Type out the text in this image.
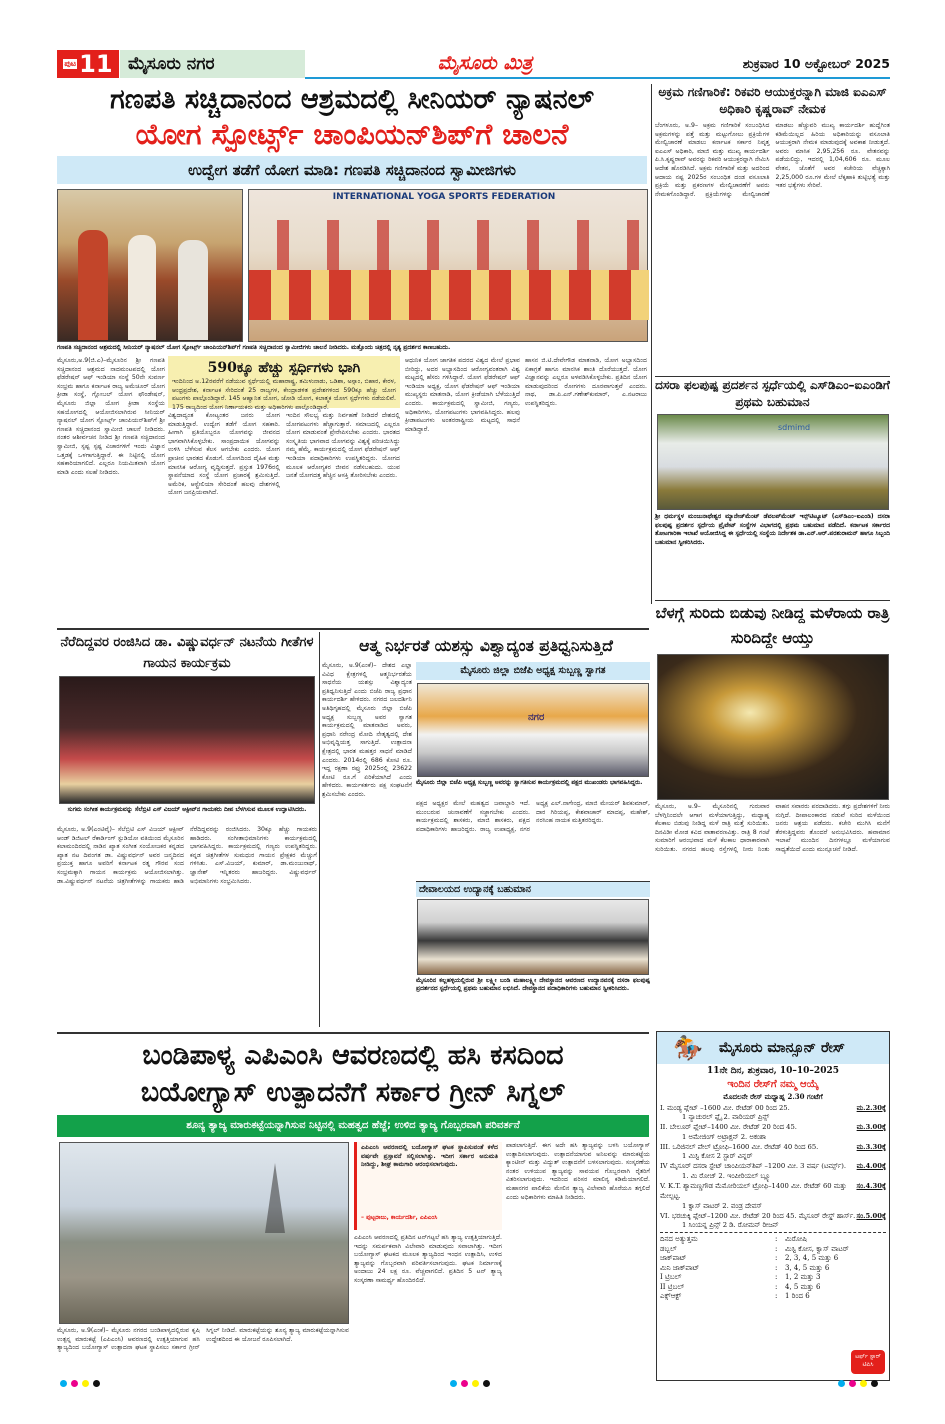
ಪುಟ 11 ಮೈಸೂರು ನಗರ	ಮೈಸೂರು ಮಿತ್ರ	ಶುಕ್ರವಾರ 10 ಅಕ್ಟೋಬರ್ 2025
ಗಣಪತಿ ಸಚ್ಚಿದಾನಂದ ಆಶ್ರಮದಲ್ಲಿ ಸೀನಿಯರ್ ನ್ಯಾಷನಲ್
ಯೋಗ ಸ್ಪೋರ್ಟ್ಸ್ ಚಾಂಪಿಯನ್‌ಶಿಪ್‌ಗೆ ಚಾಲನೆ
ಉದ್ವೇಗ ತಡೆಗೆ ಯೋಗ ಮಾಡಿ: ಗಣಪತಿ ಸಚ್ಚಿದಾನಂದ ಸ್ವಾಮೀಜಿಗಳು
INTERNATIONAL YOGA SPORTS FEDERATION
ಗಣಪತಿ ಸಚ್ಚಿದಾನಂದ ಆಶ್ರಮದಲ್ಲಿ ಸೀನಿಯರ್ ನ್ಯಾಷನಲ್ ಯೋಗ ಸ್ಪೋರ್ಟ್ಸ್ ಚಾಂಪಿಯನ್‌ಶಿಪ್‌ಗೆ ಗಣಪತಿ ಸಚ್ಚಿದಾನಂದ ಸ್ವಾಮೀಜಿಗಳು ಚಾಲನೆ ನೀಡಿದರು. ಮತ್ತೊಂದು ಚಿತ್ರದಲ್ಲಿ ನೃತ್ಯ ಪ್ರದರ್ಶನ ಕಾಣಬಹುದು.
ಮೈಸೂರು,ಅ.9(ಜಿ.ಎ)–ಮೈಸೂರಿನ ಶ್ರೀ ಗಣಪತಿ ಸಚ್ಚಿದಾನಂದ ಆಶ್ರಮದ ನಾದಮಂಟಪದಲ್ಲಿ ಯೋಗ ಫೆಡರೇಷನ್ ಆಫ್ ಇಂಡಿಯಾ ಸಂಸ್ಥೆ 50ನೇ ಸುವರ್ಣ ಸಂಭ್ರಮ ಹಾಗೂ ಕರ್ನಾಟಕ ರಾಜ್ಯ ಅಮೆಚೂರ್ ಯೋಗ ಕ್ರೀಡಾ ಸಂಸ್ಥೆ, ಗ್ಲೋಬಲ್ ಯೋಗ ಫೌಂಡೇಷನ್, ಮೈಸೂರು ಜಿಲ್ಲಾ ಯೋಗ ಕ್ರೀಡಾ ಸಂಸ್ಥೆಯ ಸಹಯೋಗದಲ್ಲಿ ಆಯೋಜಿಸಲಾಗಿರುವ ಸೀನಿಯರ್ ನ್ಯಾಷನಲ್ ಯೋಗ ಸ್ಪೋರ್ಟ್ಸ್ ಚಾಂಪಿಯನ್‌ಶಿಪ್‌ಗೆ ಶ್ರೀ ಗಣಪತಿ ಸಚ್ಚಿದಾನಂದ ಸ್ವಾಮೀಜಿ ಚಾಲನೆ ನೀಡಿದರು. ನಂತರ ಆಶೀರ್ವಚನ ನೀಡಿದ ಶ್ರೀ ಗಣಪತಿ ಸಚ್ಚಿದಾನಂದ ಸ್ವಾಮೀಜಿ, ಸ್ಪಷ್ಟ ಸ್ಪಷ್ಟ ವಿಚಾರಗಳಿಗೆ ಇಂದು ವಿಜ್ಞಾನ ಒತ್ತಡಕ್ಕೆ ಒಳಗಾಗುತ್ತಿದ್ದಾರೆ. ಈ ನಿಟ್ಟಿನಲ್ಲಿ ಯೋಗ ಸಹಕಾರಿಯಾಗಲಿದೆ. ಎಲ್ಲರೂ ನಿಯಮಿತವಾಗಿ ಯೋಗ ಮಾಡಿ ಎಂದು ಸಲಹೆ ನೀಡಿದರು.
590ಕ್ಕೂ ಹೆಚ್ಚು ಸ್ಪರ್ಧಿಗಳು ಭಾಗಿ
ಇಂದಿನಿಂದ ಅ.12ರವರೆಗೆ ನಡೆಯುವ ಸ್ಪರ್ಧೆಯಲ್ಲಿ ಮಹಾರಾಷ್ಟ್ರ, ತಮಿಳುನಾಡು, ಒಡಿಶಾ, ಅಸ್ಸಾಂ, ಬಿಹಾರ, ಕೇರಳ, ಆಂಧ್ರಪ್ರದೇಶ, ಕರ್ನಾಟಕ ಸೇರಿದಂತೆ 25 ರಾಜ್ಯಗಳ, ಕೇಂದ್ರಾಡಳಿತ ಪ್ರದೇಶಗಳಿಂದ 590ಕ್ಕೂ ಹೆಚ್ಚು ಯೋಗ ಪಟುಗಳು ಪಾಲ್ಗೊಂಡಿದ್ದಾರೆ. 145 ಆಹ್ವಾನಿತ ಯೋಗ, ಜೋಡಿ ಯೋಗ, ಕಲಾತ್ಮಕ ಯೋಗ ಸ್ಪರ್ಧೆಗಳು ನಡೆಯಲಿವೆ. 175 ರಾಜ್ಯದಿಂದ ಯೋಗ ನಿರ್ಣಾಯಕರು ಮತ್ತು ಅಧಿಕಾರಿಗಳು ಪಾಲ್ಗೊಂಡಿದ್ದಾರೆ.
ವಿಶ್ವದಾದ್ಯಂತ ಕೋಟ್ಯಂತರ ಜನರು ಯೋಗ ಮಾಡುತ್ತಿದ್ದಾರೆ. ಉದ್ವೇಗ ತಡೆಗೆ ಯೋಗ ಸಹಕಾರಿ. ಹೀಗಾಗಿ ಪ್ರತಿಯೊಬ್ಬರೂ ಯೋಗವನ್ನು ಜೀವನದ ಭಾಗವಾಗಿಸಿಕೊಳ್ಳಬೇಕು. ಸಾಂಪ್ರದಾಯಿಕ ಯೋಗವನ್ನು ಉಳಿಸಿ ಬೆಳೆಸುವ ಕೆಲಸ ಆಗಬೇಕು ಎಂದರು. ಯೋಗ ಪ್ರಾಚೀನ ಭಾರತದ ಕೊಡುಗೆ. ಯೋಗದಿಂದ ದೈಹಿಕ ಮತ್ತು ಮಾನಸಿಕ ಆರೋಗ್ಯ ವೃದ್ಧಿಸುತ್ತದೆ. ಪ್ರಸ್ತುತ 1976ರಲ್ಲಿ ಸ್ಥಾಪನೆಯಾದ ಸಂಸ್ಥೆ ಯೋಗ ಪ್ರಚಾರಕ್ಕೆ ಶ್ರಮಿಸುತ್ತಿದೆ. ಅಮೆರಿಕ, ಆಸ್ಟ್ರೇಲಿಯಾ ಸೇರಿದಂತೆ ಹಲವು ದೇಶಗಳಲ್ಲಿ ಯೋಗ ಜನಪ್ರಿಯವಾಗಿದೆ.
ಇಂದಿನ ಸೌಲಭ್ಯ ಮತ್ತು ನಿರ್ವಹಣೆ ನೀಡಿದರೆ ದೇಶದಲ್ಲಿ ಯೋಗಪಟುಗಳು ಹೆಚ್ಚಾಗುತ್ತಾರೆ. ಸಮಾಜದಲ್ಲಿ ಎಲ್ಲರೂ ಯೋಗ ಮಾಡುವಂತೆ ಪ್ರೇರೇಪಿಸಬೇಕು ಎಂದರು. ಭಾರತದ ಸಂಸ್ಕೃತಿಯ ಭಾಗವಾದ ಯೋಗವನ್ನು ವಿಶ್ವಕ್ಕೆ ಪರಿಚಯಿಸಿದ್ದು ನಮ್ಮ ಹೆಮ್ಮೆ. ಕಾರ್ಯಕ್ರಮದಲ್ಲಿ ಯೋಗ ಫೆಡರೇಷನ್ ಆಫ್ ಇಂಡಿಯಾ ಪದಾಧಿಕಾರಿಗಳು ಉಪಸ್ಥಿತರಿದ್ದರು. ಯೋಗದ ಮೂಲಕ ಆರೋಗ್ಯಕರ ಜೀವನ ನಡೆಸಬಹುದು. ಯುವ ಜನತೆ ಯೋಗದತ್ತ ಹೆಚ್ಚಿನ ಆಸಕ್ತಿ ತೋರಿಸಬೇಕು ಎಂದರು.
ಆಧುನಿಕ ಯೋಗ ಜಾಗತಿಕ ಪದರದ ವಿಶ್ವದ ಮೇಲೆ ಪ್ರಭಾವ ಬೀರಿದ್ದು, ಅದರ ಅಭ್ಯಾಸದಿಂದ ಆರೋಗ್ಯವಂತರಾಗಿ ವಿಶ್ವ ಮಟ್ಟದಲ್ಲಿ ಹೆಸರು ಗಳಿಸಿದ್ದಾರೆ. ಯೋಗ ಫೆಡರೇಷನ್ ಆಫ್ ಇಂಡಿಯಾ ಅಧ್ಯಕ್ಷ, ಯೋಗ ಫೆಡರೇಷನ್ ಆಫ್ ಇಂಡಿಯಾ ಮುಖ್ಯಸ್ಥರು ಮಾತನಾಡಿ, ಯೋಗ ಕ್ರೀಡೆಯಾಗಿ ಬೆಳೆಯುತ್ತಿದೆ ಎಂದರು. ಕಾರ್ಯಕ್ರಮದಲ್ಲಿ ಸ್ವಾಮೀಜಿ, ಗಣ್ಯರು, ಅಧಿಕಾರಿಗಳು, ಯೋಗಪಟುಗಳು ಭಾಗವಹಿಸಿದ್ದರು. ಹಲವು ಕ್ರೀಡಾಪಟುಗಳು ಅಂತರರಾಷ್ಟ್ರೀಯ ಮಟ್ಟದಲ್ಲಿ ಸಾಧನೆ ಮಾಡಿದ್ದಾರೆ.
ಹಾಸನ ಜಿ.ಟಿ.ದೇವೇಗೌಡ ಮಾತನಾಡಿ, ಯೋಗ ಅಭ್ಯಾಸದಿಂದ ಏಕಾಗ್ರತೆ ಹಾಗೂ ಮಾನಸಿಕ ಶಾಂತಿ ದೊರೆಯುತ್ತದೆ. ಯೋಗ ವಿಜ್ಞಾನವನ್ನು ಎಲ್ಲರೂ ಅಳವಡಿಸಿಕೊಳ್ಳಬೇಕು. ಪ್ರತಿದಿನ ಯೋಗ ಮಾಡುವುದರಿಂದ ರೋಗಗಳು ದೂರವಾಗುತ್ತವೆ ಎಂದರು. ನಾಥ, ಡಾ.ಪಿ.ಎನ್.ಗಣೇಶ್‌ಕುಮಾರ್, ಎ.ನಟರಾಜು ಉಪಸ್ಥಿತರಿದ್ದರು.
ಅಕ್ರಮ ಗಣಿಗಾರಿಕೆ: ರಿಕವರಿ ಆಯುಕ್ತರನ್ನಾಗಿ ಮಾಜಿ ಐಎಎಸ್ ಅಧಿಕಾರಿ ಕೃಷ್ಣರಾವ್ ನೇಮಕ
ಬೆಂಗಳೂರು, ಅ.9– ಅಕ್ರಮ ಗಣಿಗಾರಿಕೆ ಸಂಬಂಧಿಸಿದ ಅಕ್ರಮಗಳನ್ನು ಪತ್ತೆ ಮತ್ತು ಮಟ್ಟುಗೋಲು ಪ್ರಕ್ರಿಯೆಗಳ ಮೇಲ್ವಿಚಾರಣೆ ಮಾಡಲು ಕರ್ನಾಟಕ ಸರ್ಕಾರ ನಿವೃತ್ತ ಐಎಎಸ್ ಅಧಿಕಾರಿ, ಮಾಜಿ ಮತ್ತು ಮುಖ್ಯ ಕಾರ್ಯದರ್ಶಿ ಪಿ.ಸಿ.ಕೃಷ್ಣರಾವ್ ಅವರನ್ನು ರಿಕವರಿ ಆಯುಕ್ತರನ್ನಾಗಿ ನೇಮಿಸಿ ಆದೇಶ ಹೊರಡಿಸಿದೆ. ಅಕ್ರಮ ಗಣಿಗಾರಿಕೆ ಮತ್ತು ಅದರಿಂದ ಆದಾಯ ನಷ್ಟ 2025ರ ಸಂಬಂಧಿತ ದಂಡ ವಸೂಲಾತಿ ಪ್ರಕ್ರಿಯೆ ಮತ್ತು ಪ್ರಕರಣಗಳ ಮೇಲ್ವಿಚಾರಣೆಗೆ ಅವರು ನೇಮಕಗೊಂಡಿದ್ದಾರೆ. ಪ್ರಕ್ರಿಯೆಗಳನ್ನು ಮೇಲ್ವಿಚಾರಣೆ ಮಾಡಲು ಹೆಚ್ಚುವರಿ ಮುಖ್ಯ ಕಾರ್ಯದರ್ಶಿ ಹುದ್ದೆಗಿಂತ ಕಡಿಮೆಯಿಲ್ಲದ ಹಿರಿಯ ಅಧಿಕಾರಿಯನ್ನು ವಸೂಲಾತಿ ಆಯುಕ್ತರಾಗಿ ನೇಮಕ ಮಾಡುವುದಕ್ಕೆ ಅವಕಾಶ ನೀಡುತ್ತದೆ. ಅವರು ಮಾಸಿಕ 2,95,256 ರೂ. ವೇತನವನ್ನು ಪಡೆಯಲಿದ್ದು, ಇದರಲ್ಲಿ 1,04,606 ರೂ. ಮೂಲ ವೇತನ, ಜೊತೆಗೆ ಅವರ ಕಚೇರಿಯ ವೆಚ್ಚಕ್ಕಾಗಿ 2,25,000 ರೂ.ಗಳ ಮೇಲೆ ಲೆಕ್ಕಹಾಕಿ ತುಟ್ಟಿಭತ್ಯೆ ಮತ್ತು ಇತರ ಭತ್ಯೆಗಳು ಸೇರಿವೆ.
ದಸರಾ ಫಲಪುಷ್ಪ ಪ್ರದರ್ಶನ ಸ್ಪರ್ಧೆಯಲ್ಲಿ ಎಸ್‌ಡಿಎಂ–ಐಎಂಡಿಗೆ ಪ್ರಥಮ ಬಹುಮಾನ
sdmimd
ಶ್ರೀ ಧರ್ಮಸ್ಥಳ ಮಂಜುನಾಥೇಶ್ವರ ಮ್ಯಾನೇಜ್‌ಮೆಂಟ್ ಡೆವಲಪ್‌ಮೆಂಟ್ ಇನ್ಸ್‌ಟಿಟ್ಯೂಟ್ (ಎಸ್‌ಡಿಎಂ–ಐಎಂಡಿ) ದಸರಾ ಫಲಪುಷ್ಪ ಪ್ರದರ್ಶನ ಸ್ಪರ್ಧೆಯ ಪ್ರೈವೇಟ್ ಸಂಸ್ಥೆಗಳ ವಿಭಾಗದಲ್ಲಿ ಪ್ರಥಮ ಬಹುಮಾನ ಪಡೆದಿದೆ. ಕರ್ನಾಟಕ ಸರ್ಕಾರದ ತೋಟಗಾರಿಕಾ ಇಲಾಖೆ ಆಯೋಜಿಸಿದ್ದ ಈ ಸ್ಪರ್ಧೆಯಲ್ಲಿ ಸಂಸ್ಥೆಯ ನಿರ್ದೇಶಕ ಡಾ.ಎನ್.ಆರ್.ಪರಶುರಾಮನ್ ಹಾಗೂ ಸಿಬ್ಬಂದಿ ಬಹುಮಾನ ಸ್ವೀಕರಿಸಿದರು.
ಬೆಳಗ್ಗೆ ಸುರಿದು ಬಿಡುವು ನೀಡಿದ್ದ ಮಳೆರಾಯ ರಾತ್ರಿ ಸುರಿದಿದ್ದೇ ಆಯ್ತು
ಮೈಸೂರು, ಅ.9– ಮೈಸೂರಿನಲ್ಲಿ ಗುರುವಾರ ಬೆಳಗ್ಗಿನಿಂದಲೇ ಆಗಾಗ ಮಳೆಯಾಗುತ್ತಿದ್ದು, ಮಧ್ಯಾಹ್ನ ಕೆಲಕಾಲ ಬಿಡುವು ನೀಡಿದ್ದ ಮಳೆ ರಾತ್ರಿ ಮತ್ತೆ ಸುರಿಯಿತು. ದಿನವಿಡೀ ಮೋಡ ಕವಿದ ವಾತಾವರಣವಿತ್ತು. ರಾತ್ರಿ 8 ಗಂಟೆ ಸುಮಾರಿಗೆ ಆರಂಭವಾದ ಮಳೆ ಕೆಲಕಾಲ ಧಾರಾಕಾರವಾಗಿ ಸುರಿಯಿತು. ನಗರದ ಹಲವು ರಸ್ತೆಗಳಲ್ಲಿ ನೀರು ನಿಂತು ವಾಹನ ಸವಾರರು ಪರದಾಡಿದರು. ತಗ್ಗು ಪ್ರದೇಶಗಳಿಗೆ ನೀರು ನುಗ್ಗಿದೆ. ದೀಪಾಲಂಕಾರದ ನಡುವೆ ಸುರಿದ ಮಳೆಯಿಂದ ಜನರು ಆಶ್ರಯ ಪಡೆದರು. ಕಚೇರಿ ಮುಗಿಸಿ ಮನೆಗೆ ತೆರಳುತ್ತಿದ್ದವರು ತೊಂದರೆ ಅನುಭವಿಸಿದರು. ಹವಾಮಾನ ಇಲಾಖೆ ಮುಂದಿನ ದಿನಗಳಲ್ಲೂ ಮಳೆಯಾಗುವ ಸಾಧ್ಯತೆಯಿದೆ ಎಂದು ಮುನ್ಸೂಚನೆ ನೀಡಿದೆ.
ನೆರೆದಿದ್ದವರ ರಂಜಿಸಿದ ಡಾ. ವಿಷ್ಣುವರ್ಧನ್ ನಟನೆಯ ಗೀತೆಗಳ ಗಾಯನ ಕಾರ್ಯಕ್ರಮ
ಸುಗಮ ಸಂಗೀತ ಕಾರ್ಯಕ್ರಮವನ್ನು ಸೆಲೆಬ್ರಿಟಿ ಎಸ್ ವಿಜಯ್ ಆಕ್ಟೀವ್‌ನ ಗಾಯಕರು ದೀಪ ಬೆಳಗಿಸುವ ಮೂಲಕ ಉದ್ಘಾಟಿಸಿದರು.
ಮೈಸೂರು, ಅ.9(ಎಂಟಿವೈ)– ಸೆಲೆಬ್ರಿಟಿ ಎಸ್ ವಿಜಯ್ ಆಕ್ಟೀವ್ ಆಂಡ್ ಡಿಜಿಟಲ್ ರೆಕಾರ್ಡಿಂಗ್ ಸ್ಟುಡಿಯೋ ವತಿಯಿಂದ ಮೈಸೂರಿನ ಕಲಾಮಂದಿರದಲ್ಲಿ ನಾಡಿನ ಖ್ಯಾತ ಸಂಗೀತ ಸಂಯೋಜಕರ ಕನ್ನಡದ ಖ್ಯಾತ ನಟ ದಿವಂಗತ ಡಾ. ವಿಷ್ಣುವರ್ಧನ್ ಅವರ ಜನ್ಮದಿನದ ಪ್ರಯುಕ್ತ ಹಾಗೂ ಅವರಿಗೆ ಕರ್ನಾಟಕ ರತ್ನ ಗೌರವ ಸಂದ ಸಂಭ್ರಮಕ್ಕಾಗಿ ಗಾಯನ ಕಾರ್ಯಕ್ರಮ ಆಯೋಜಿಸಲಾಗಿತ್ತು. ಡಾ.ವಿಷ್ಣುವರ್ಧನ್ ನಟನೆಯ ಚಿತ್ರಗೀತೆಗಳನ್ನು ಗಾಯಕರು ಹಾಡಿ ನೆರೆದಿದ್ದವರನ್ನು ರಂಜಿಸಿದರು. 30ಕ್ಕೂ ಹೆಚ್ಚು ಗಾಯಕರು ಹಾಡಿದರು. ಸಂಗೀತಾಭಿಮಾನಿಗಳು ಕಾರ್ಯಕ್ರಮದಲ್ಲಿ ಭಾಗವಹಿಸಿದ್ದರು. ಕಾರ್ಯಕ್ರಮದಲ್ಲಿ ಗಣ್ಯರು ಉಪಸ್ಥಿತರಿದ್ದರು. ಕನ್ನಡ ಚಿತ್ರಗೀತೆಗಳ ಸುಮಧುರ ಗಾಯನ ಪ್ರೇಕ್ಷಕರ ಮೆಚ್ಚುಗೆ ಗಳಿಸಿತು. ಎಸ್.ವಿಜಯ್, ಕುಮಾರ್, ಡಾ.ಮಂಜುನಾಥ್, ಜ್ಞಾನೇಶ್ ಇನ್ನಿತರರು ಹಾಜರಿದ್ದರು. ವಿಷ್ಣುವರ್ಧನ್ ಅಭಿಮಾನಿಗಳು ಸಂಭ್ರಮಿಸಿದರು.
ಆತ್ಮ ನಿರ್ಭರತೆ ಯಶಸ್ಸು ವಿಶ್ವಾದ್ಯಂತ ಪ್ರತಿಧ್ವನಿಸುತ್ತಿದೆ
ಮೈಸೂರು, ಅ.9(ಎಂಕೆ)– ದೇಶದ ಎಲ್ಲಾ ವಿವಿಧ ಕ್ಷೇತ್ರಗಳಲ್ಲಿ ಆತ್ಮನಿರ್ಭರತೆಯ ಸಾಧನೆಯ ಯಶಸ್ಸು ವಿಶ್ವಾದ್ಯಂತ ಪ್ರತಿಧ್ವನಿಸುತ್ತಿದೆ ಎಂದು ಬಿಜೆಪಿ ರಾಜ್ಯ ಪ್ರಧಾನ ಕಾರ್ಯದರ್ಶಿ ಹೇಳಿದರು. ನಗರದ ಜಲದರ್ಶಿನಿ ಅತಿಥಿಗೃಹದಲ್ಲಿ ಮೈಸೂರು ಜಿಲ್ಲಾ ಬಿಜೆಪಿ ಅಧ್ಯಕ್ಷ ಸುಬ್ಬಣ್ಣ ಅವರ ಸ್ವಾಗತ ಕಾರ್ಯಕ್ರಮದಲ್ಲಿ ಮಾತನಾಡಿದ ಅವರು, ಪ್ರಧಾನಿ ನರೇಂದ್ರ ಮೋದಿ ನೇತೃತ್ವದಲ್ಲಿ ದೇಶ ಅಭಿವೃದ್ಧಿಯತ್ತ ಸಾಗುತ್ತಿದೆ. ಉತ್ಪಾದನಾ ಕ್ಷೇತ್ರದಲ್ಲಿ ಭಾರತ ಮಹತ್ತರ ಸಾಧನೆ ಮಾಡಿದೆ ಎಂದರು. 2014ರಲ್ಲಿ 686 ಕೋಟಿ ರೂ. ಇದ್ದ ರಕ್ಷಣಾ ರಫ್ತು 2025ರಲ್ಲಿ 23622 ಕೋಟಿ ರೂ.ಗೆ ಏರಿಕೆಯಾಗಿದೆ ಎಂದು ಹೇಳಿದರು. ಕಾರ್ಯಕರ್ತರು ಪಕ್ಷ ಸಂಘಟನೆಗೆ ಶ್ರಮಿಸಬೇಕು ಎಂದರು.
ಮೈಸೂರು ಜಿಲ್ಲಾ ಬಿಜೆಪಿ ಅಧ್ಯಕ್ಷ ಸುಬ್ಬಣ್ಣ ಸ್ವಾಗತ
ನಗರ
ಮೈಸೂರು ಜಿಲ್ಲಾ ಬಿಜೆಪಿ ಅಧ್ಯಕ್ಷ ಸುಬ್ಬಣ್ಣ ಅವರನ್ನು ಸ್ವಾಗತಿಸುವ ಕಾರ್ಯಕ್ರಮದಲ್ಲಿ ಪಕ್ಷದ ಮುಖಂಡರು ಭಾಗವಹಿಸಿದ್ದರು.
ಪಕ್ಷದ ಅಧ್ಯಕ್ಷರ ಮೇಲೆ ಮಹತ್ವದ ಜವಾಬ್ದಾರಿ ಇದೆ. ಮುಂಬರುವ ಚುನಾವಣೆಗೆ ಸಜ್ಜಾಗಬೇಕು ಎಂದರು. ಕಾರ್ಯಕ್ರಮದಲ್ಲಿ ಶಾಸಕರು, ಮಾಜಿ ಶಾಸಕರು, ಪಕ್ಷದ ಪದಾಧಿಕಾರಿಗಳು ಹಾಜರಿದ್ದರು. ರಾಜ್ಯ ಉಪಾಧ್ಯಕ್ಷ, ನಗರ ಅಧ್ಯಕ್ಷ ಎಲ್.ನಾಗೇಂದ್ರ, ಮಾಜಿ ಮೇಯರ್ ಶಿವಕುಮಾರ್, ದಾರ ಗಿರಿಯಪ್ಪ, ಕೇಶವಾಚಾರ್ ಮಾದಪ್ಪ, ಮಹೇಶ್, ನರಸಿಂಹ ನಾಯಕ ಮತ್ತಿತರರಿದ್ದರು.
ದೇವಾಲಯದ ಉದ್ಯಾನಕ್ಕೆ ಬಹುಮಾನ
ಮೈಸೂರಿನ ಕಲ್ಲಹಳ್ಳಿಯಲ್ಲಿರುವ ಶ್ರೀ ಲಕ್ಷ್ಮೀ ಬಂಡಿ ಮಹಾಲಕ್ಷ್ಮೀ ದೇವಸ್ಥಾನದ ಆವರಣದ ಉದ್ಯಾನವನಕ್ಕೆ ದಸರಾ ಫಲಪುಷ್ಪ ಪ್ರದರ್ಶನದ ಸ್ಪರ್ಧೆಯಲ್ಲಿ ಪ್ರಥಮ ಬಹುಮಾನ ಲಭಿಸಿದೆ. ದೇವಸ್ಥಾನದ ಪದಾಧಿಕಾರಿಗಳು ಬಹುಮಾನ ಸ್ವೀಕರಿಸಿದರು.
ಬಂಡಿಪಾಳ್ಯ ಎಪಿಎಂಸಿ ಆವರಣದಲ್ಲಿ ಹಸಿ ಕಸದಿಂದ
ಬಯೋಗ್ಯಾಸ್ ಉತ್ಪಾದನೆಗೆ ಸರ್ಕಾರ ಗ್ರೀನ್ ಸಿಗ್ನಲ್
ಶೂನ್ಯ ತ್ಯಾಜ್ಯ ಮಾರುಕಟ್ಟೆಯನ್ನಾಗಿಸುವ ನಿಟ್ಟಿನಲ್ಲಿ ಮಹತ್ವದ ಹೆಜ್ಜೆ; ಉಳಿದ ತ್ಯಾಜ್ಯ ಗೊಬ್ಬರವಾಗಿ ಪರಿವರ್ತನೆ
ಮೈಸೂರು, ಅ.9(ಎಂಕೆ)– ಮೈಸೂರು ನಗರದ ಬಂಡಿಪಾಳ್ಯದಲ್ಲಿರುವ ಕೃಷಿ ಉತ್ಪನ್ನ ಮಾರುಕಟ್ಟೆ (ಎಪಿಎಂಸಿ) ಆವರಣದಲ್ಲಿ ಉತ್ಪತ್ತಿಯಾಗುವ ಹಸಿ ತ್ಯಾಜ್ಯದಿಂದ ಬಯೋಗ್ಯಾಸ್ ಉತ್ಪಾದನಾ ಘಟಕ ಸ್ಥಾಪಿಸಲು ಸರ್ಕಾರ ಗ್ರೀನ್ ಸಿಗ್ನಲ್ ನೀಡಿದೆ. ಮಾರುಕಟ್ಟೆಯನ್ನು ಶೂನ್ಯ ತ್ಯಾಜ್ಯ ಮಾರುಕಟ್ಟೆಯನ್ನಾಗಿಸುವ ಉದ್ದೇಶದಿಂದ ಈ ಯೋಜನೆ ರೂಪಿಸಲಾಗಿದೆ.
ಎಪಿಎಂಸಿ ಆವರಣದಲ್ಲಿ ಬಯೋಗ್ಯಾಸ್ ಘಟಕ ಸ್ಥಾಪಿಸುವಂತೆ ಕಳೆದ ವರ್ಷವೇ ಪ್ರಸ್ತಾವನೆ ಸಲ್ಲಿಸಲಾಗಿತ್ತು. ಇದೀಗ ಸರ್ಕಾರ ಅನುಮತಿ ನೀಡಿದ್ದು, ಶೀಘ್ರ ಕಾಮಗಾರಿ ಆರಂಭಿಸಲಾಗುವುದು.
– ಪುಟ್ಟರಾಜು, ಕಾರ್ಯದರ್ಶಿ, ಎಪಿಎಂಸಿ
ಎಪಿಎಂಸಿ ಆವರಣದಲ್ಲಿ ಪ್ರತಿದಿನ ಟನ್‌ಗಟ್ಟಲೆ ಹಸಿ ತ್ಯಾಜ್ಯ ಉತ್ಪತ್ತಿಯಾಗುತ್ತಿದೆ. ಇದನ್ನು ಸಮರ್ಪಕವಾಗಿ ವಿಲೇವಾರಿ ಮಾಡುವುದು ಸವಾಲಾಗಿತ್ತು. ಇದೀಗ ಬಯೋಗ್ಯಾಸ್ ಘಟಕದ ಮೂಲಕ ತ್ಯಾಜ್ಯದಿಂದ ಇಂಧನ ಉತ್ಪಾದಿಸಿ, ಉಳಿದ ತ್ಯಾಜ್ಯವನ್ನು ಗೊಬ್ಬರವಾಗಿ ಪರಿವರ್ತಿಸಲಾಗುವುದು. ಘಟಕ ನಿರ್ಮಾಣಕ್ಕೆ ಅಂದಾಜು 24 ಲಕ್ಷ ರೂ. ವೆಚ್ಚವಾಗಲಿದೆ. ಪ್ರತಿದಿನ 5 ಟನ್ ತ್ಯಾಜ್ಯ ಸಂಸ್ಕರಣಾ ಸಾಮರ್ಥ್ಯ ಹೊಂದಿರಲಿದೆ.
ಪಾಡಲಾಗುತ್ತಿದೆ. ಈಗ ಅದೇ ಹಸಿ ತ್ಯಾಜ್ಯವನ್ನು ಬಳಸಿ ಬಯೋಗ್ಯಾಸ್ ಉತ್ಪಾದಿಸಲಾಗುವುದು. ಉತ್ಪಾದನೆಯಾಗುವ ಅನಿಲವನ್ನು ಮಾರುಕಟ್ಟೆಯ ಕ್ಯಾಂಟೀನ್ ಮತ್ತು ವಿದ್ಯುತ್ ಉತ್ಪಾದನೆಗೆ ಬಳಸಲಾಗುವುದು. ಸಂಸ್ಕರಣೆಯ ನಂತರ ಉಳಿಯುವ ತ್ಯಾಜ್ಯವನ್ನು ಸಾವಯವ ಗೊಬ್ಬರವಾಗಿ ರೈತರಿಗೆ ವಿತರಿಸಲಾಗುವುದು. ಇದರಿಂದ ಪರಿಸರ ಮಾಲಿನ್ಯ ಕಡಿಮೆಯಾಗಲಿದೆ. ಮಹಾನಗರ ಪಾಲಿಕೆಯ ಮೇಲಿನ ತ್ಯಾಜ್ಯ ವಿಲೇವಾರಿ ಹೊರೆಯೂ ತಗ್ಗಲಿದೆ ಎಂದು ಅಧಿಕಾರಿಗಳು ಮಾಹಿತಿ ನೀಡಿದರು.
🏇	ಮೈಸೂರು ಮಾನ್ಸೂನ್ ರೇಸ್

11ನೇ ದಿನ, ಶುಕ್ರವಾರ, 10–10–2025

ಇಂದಿನ ರೇಸ್‌ಗೆ ನಮ್ಮ ಆಯ್ಕೆ

ಮೊದಲನೇ ರೇಸ್ ಮಧ್ಯಾಹ್ನ 2.30 ಗಂಟೆಗೆ

I. ಮಂಡ್ಯ ಪ್ಲೇಟ್ –1600 ಮೀ. ರೇಟೆಡ್ 00 ರಿಂದ 25.	ಮ.2.30ಕ್ಕೆ

1 ನ್ಯಾಚುರಲ್ ಫ್ಲೈ 2. ವಾರಿಯರ್ ಪ್ರಿನ್ಸ್

II. ಬೇಲೂರ್ ಪ್ಲೇಟ್–1400 ಮೀ. ರೇಟೆಡ್ 20 ರಿಂದ 45.	ಮ.3.00ಕ್ಕೆ

1 ಅಮೇಜಿಂಗ್ ಅಟ್ರಾಕ್ಷನ್ 2. ಅಕಂಶಾ

III. ಒರಿಜಿನಲ್ ಪೇಲ್ ಟ್ರೋಫಿ–1600 ಮೀ. ರೇಟೆಡ್ 40 ರಿಂದ 65.	ಮ.3.30ಕ್ಕೆ

1 ಮಿಸ್ಟಿ ಕೋಸ 2 ಸ್ಟಾರ್ ವಿನ್ನರ್

IV ಮೈಸೂರ್ ದಸರಾ ಸ್ಟೇಟ್ ಚಾಂಪಿಯನ್‌ಶಿಪ್ –1200 ಮೀ. 3 ವರ್ಷ (ಟರ್ಮ್ಸ್). ಮ.4.00ಕ್ಕೆ

1. ಮಿ ರೋಜ್ 2. ಇಂಪೀರಿಯಲ್ ಬ್ಲ್ಯೂ

V. K.T. ಶ್ಯಾಮಣ್ಣಗೌಡ ಮೆಮೋರಿಯಲ್ ಟ್ರೋಫಿ–1400 ಮೀ. ರೇಟೆಡ್ 60 ಮತ್ತು ಮೇಲ್ಪಟ್ಟ.
ಸಂ.4.30ಕ್ಕೆ

1 ಕ್ವಾಸ್ ವಾಟರ್ 2. ವಂಡ್ರ ದೇವಸ್

VI. ಭರಚುಕ್ಕಿ ಪ್ಲೇಟ್–1200 ಮೀ. ರೇಟೆಡ್ 20 ರಿಂದ 45. ಮೈಸೂರ್ ರೇಸ್ಡ್ ಹಾರ್ಸ್. ಸಂ.5.00ಕ್ಕೆ

1 ಸಿಂಯನ್ನ ಪ್ರಿನ್ಸ್ 2 ಡಿ. ರೋಮನ್ ರೀಜನ್

ದಿನದ ಅತ್ಯುತ್ತಮ	:	ಮಿರೋಷಿ

ಡಬ್ಬಲ್	:	ಮಿಸ್ಟಿ ಕೋಸ, ಕ್ವಾಸ್ ವಾಟರ್

ಜಾಕ್‌ಪಾಟ್	:	2, 3, 4, 5 ಮತ್ತು 6

ಮಿನಿ ಜಾಕ್‌ಪಾಟ್	:	3, 4, 5 ಮತ್ತು 6

I ಟ್ರಿಬಲ್	:	1, 2 ಮತ್ತು 3

II ಟ್ರಿಬಲ್	:	4, 5 ಮತ್ತು 6

ಎಕ್ಸ್‌ಆಕ್ಟ್	:	1 ರಿಂದ 6

ಟರ್ಫ್ ಸ್ಟಾರ್ ಟಿಪಿಸಿ
